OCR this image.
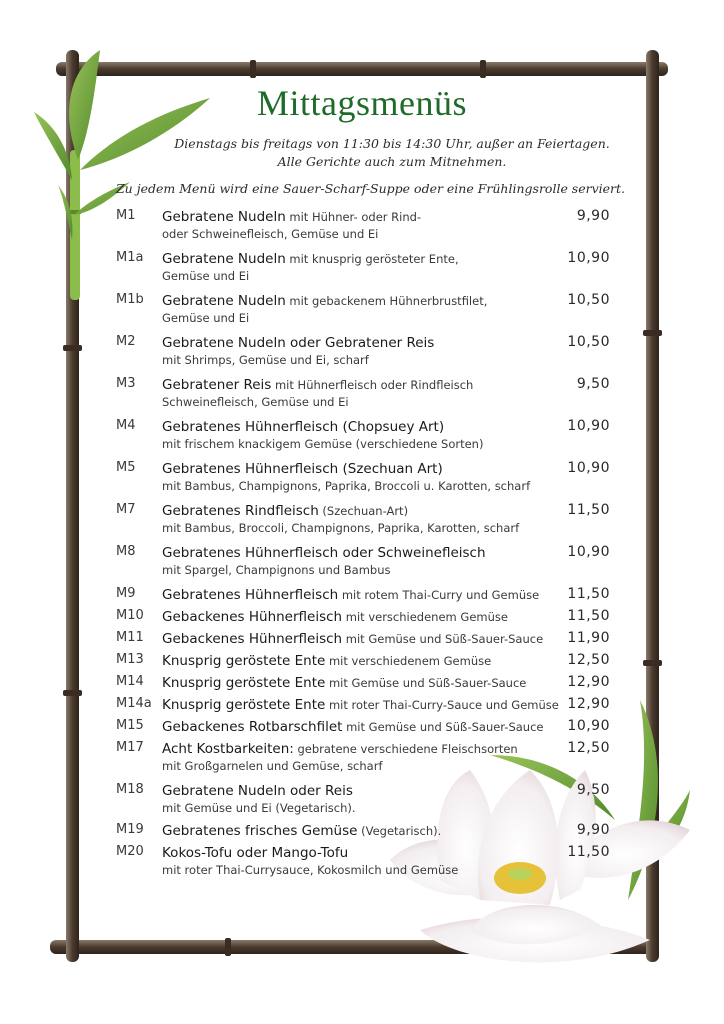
Mittagsmenüs
Dienstags bis freitags von 11:30 bis 14:30 Uhr, außer an Feiertagen.
Alle Gerichte auch zum Mitnehmen.
Zu jedem Menü wird eine Sauer-Scharf-Suppe oder eine Frühlingsrolle serviert.
M1	Gebratene Nudeln mit Hühner- oder Rind-
oder Schweinefleisch, Gemüse und Ei
9,90
M1a	Gebratene Nudeln mit knusprig gerösteter Ente,
Gemüse und Ei
10,90
M1b	Gebratene Nudeln mit gebackenem Hühnerbrustfilet,
Gemüse und Ei
10,50
M2	Gebratene Nudeln oder Gebratener Reis
mit Shrimps, Gemüse und Ei, scharf
10,50
M3	Gebratener Reis mit Hühnerfleisch oder Rindfleisch
Schweinefleisch, Gemüse und Ei
9,50
M4	Gebratenes Hühnerfleisch (Chopsuey Art)
mit frischem knackigem Gemüse (verschiedene Sorten)
10,90
M5	Gebratenes Hühnerfleisch (Szechuan Art)
mit Bambus, Champignons, Paprika, Broccoli u. Karotten, scharf
10,90
M7	Gebratenes Rindfleisch (Szechuan-Art)
mit Bambus, Broccoli, Champignons, Paprika, Karotten, scharf
11,50
M8	Gebratenes Hühnerfleisch oder Schweinefleisch
mit Spargel, Champignons und Bambus
10,90
M9	Gebratenes Hühnerfleisch mit rotem Thai-Curry und Gemüse	11,50
M10	Gebackenes Hühnerfleisch mit verschiedenem Gemüse	11,50
M11	Gebackenes Hühnerfleisch mit Gemüse und Süß-Sauer-Sauce	11,90
M13	Knusprig geröstete Ente mit verschiedenem Gemüse	12,50
M14	Knusprig geröstete Ente mit Gemüse und Süß-Sauer-Sauce	12,90
M14a Knusprig geröstete Ente mit roter Thai-Curry-Sauce und Gemüse 12,90
M15	Gebackenes Rotbarschfilet mit Gemüse und Süß-Sauer-Sauce	10,90
M17	Acht Kostbarkeiten: gebratene verschiedene Fleischsorten
mit Großgarnelen und Gemüse, scharf
12,50
M18	Gebratene Nudeln oder Reis
mit Gemüse und Ei (Vegetarisch).
9,50
M19	Gebratenes frisches Gemüse (Vegetarisch).	9,90
M20	Kokos-Tofu oder Mango-Tofu
mit roter Thai-Currysauce, Kokosmilch und Gemüse
11,50
